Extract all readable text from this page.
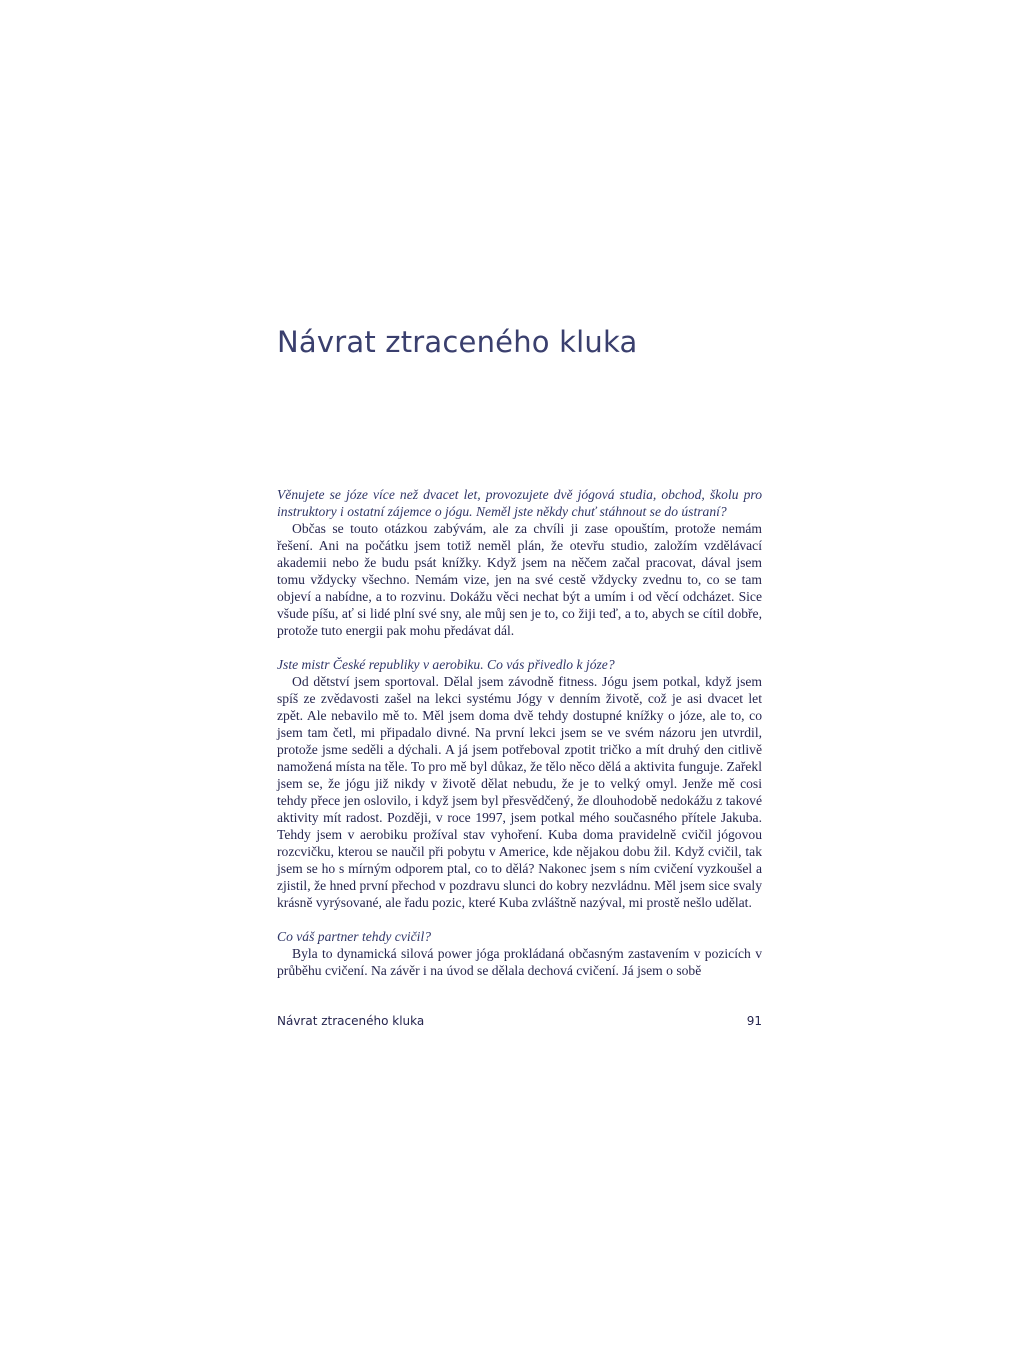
Návrat ztraceného kluka

Věnujete se józe více než dvacet let, provozujete dvě jógová studia, obchod, školu pro instruktory i ostatní zájemce o jógu. Neměl jste někdy chuť stáhnout se do ústraní?

Občas se touto otázkou zabývám, ale za chvíli ji zase opouštím, protože nemám řešení. Ani na počátku jsem totiž neměl plán, že otevřu studio, založím vzdělávací akademii nebo že budu psát knížky. Když jsem na něčem začal pracovat, dával jsem tomu vždycky všechno. Nemám vize, jen na své cestě vždycky zvednu to, co se tam objeví a nabídne, a to rozvinu. Dokážu věci nechat být a umím i od věcí odcházet. Sice všude píšu, ať si lidé plní své sny, ale můj sen je to, co žiji teď, a to, abych se cítil dobře, protože tuto energii pak mohu předávat dál.

Jste mistr České republiky v aerobiku. Co vás přivedlo k józe?

Od dětství jsem sportoval. Dělal jsem závodně fitness. Jógu jsem potkal, když jsem spíš ze zvědavosti zašel na lekci systému Jógy v denním životě, což je asi dvacet let zpět. Ale nebavilo mě to. Měl jsem doma dvě tehdy dostupné knížky o józe, ale to, co jsem tam četl, mi připadalo divné. Na první lekci jsem se ve svém názoru jen utvrdil, protože jsme seděli a dýchali. A já jsem potřeboval zpotit tričko a mít druhý den citlivě namožená místa na těle. To pro mě byl důkaz, že tělo něco dělá a aktivita funguje. Zařekl jsem se, že jógu již nikdy v životě dělat nebudu, že je to velký omyl. Jenže mě cosi tehdy přece jen oslovilo, i když jsem byl přesvědčený, že dlouhodobě nedokážu z takové aktivity mít radost. Později, v roce 1997, jsem potkal mého současného přítele Jakuba. Tehdy jsem v aerobiku prožíval stav vyhoření. Kuba doma pravidelně cvičil jógovou rozcvičku, kterou se naučil při pobytu v Americe, kde nějakou dobu žil. Když cvičil, tak jsem se ho s mírným odporem ptal, co to dělá? Nakonec jsem s ním cvičení vyzkoušel a zjistil, že hned první přechod v pozdravu slunci do kobry nezvládnu. Měl jsem sice svaly krásně vyrýsované, ale řadu pozic, které Kuba zvláštně nazýval, mi prostě nešlo udělat.

Co váš partner tehdy cvičil?

Byla to dynamická silová power jóga prokládaná občasným zastavením v pozicích v průběhu cvičení. Na závěr i na úvod se dělala dechová cvičení. Já jsem o sobě

Návrat ztraceného kluka	91
